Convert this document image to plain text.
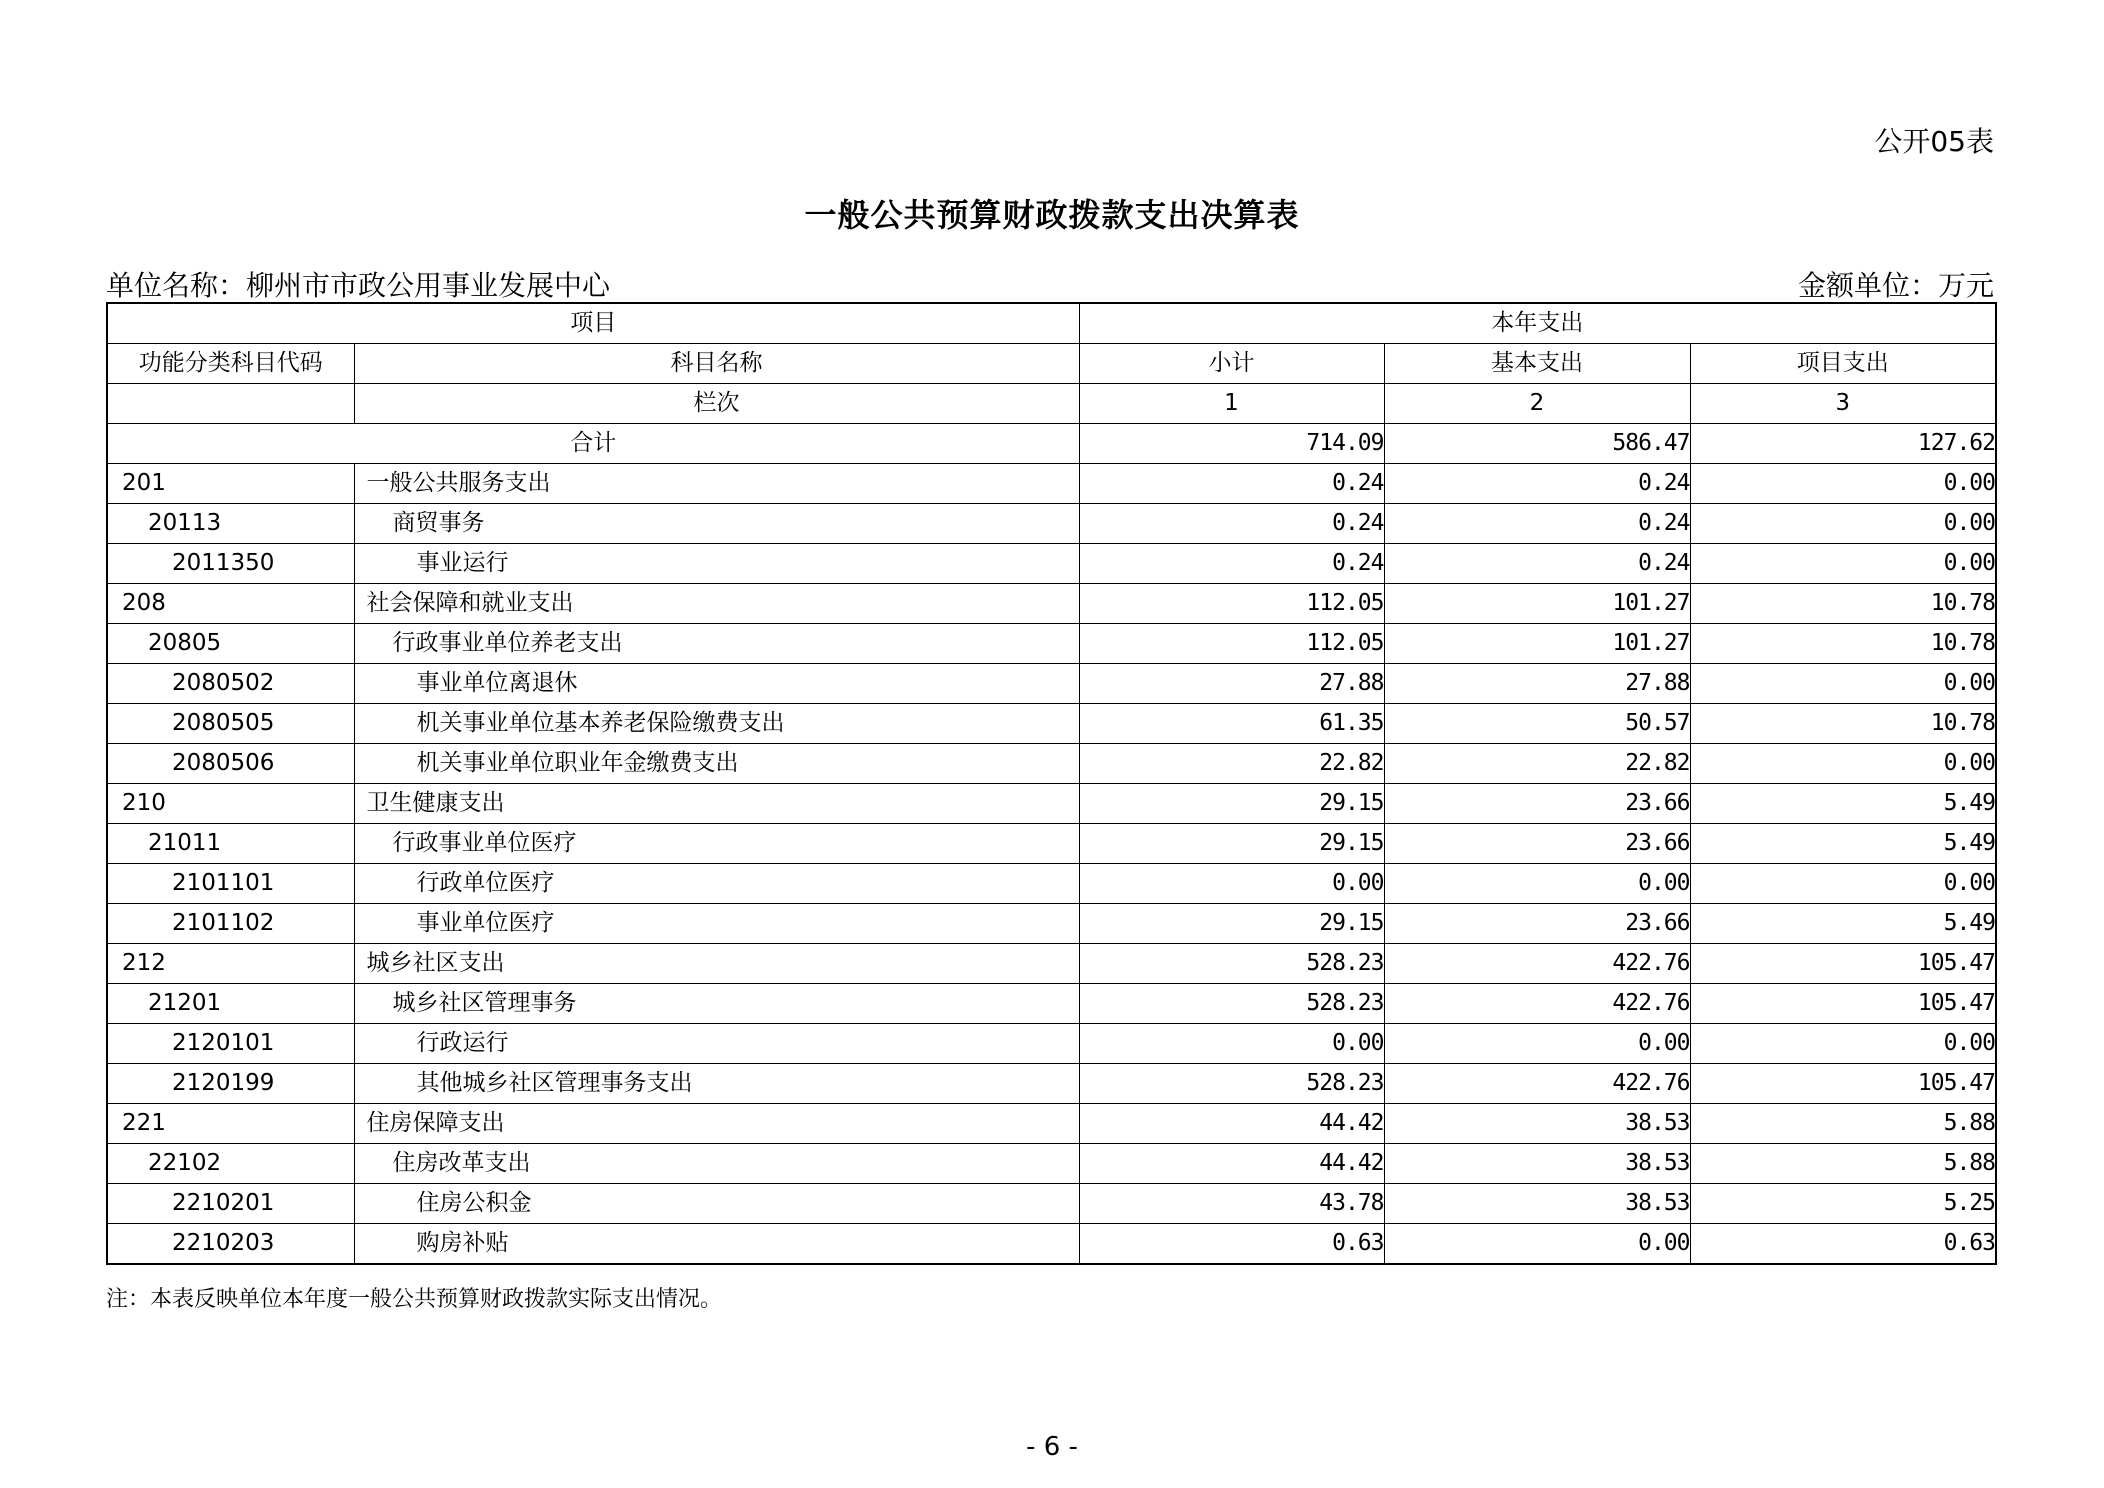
公开05表
一般公共预算财政拨款支出决算表
单位名称：柳州市市政公用事业发展中心	金额单位：万元
项目		本年支出		
功能分类科目代码	科目名称	小计	基本支出	项目支出
	栏次	1	2	3
合计		714.09	586.47	127.62
201	一般公共服务支出	0.24	0.24	0.00
20113	商贸事务	0.24	0.24	0.00
2011350	事业运行	0.24	0.24	0.00
208	社会保障和就业支出	112.05	101.27	10.78
20805	行政事业单位养老支出	112.05	101.27	10.78
2080502	事业单位离退休	27.88	27.88	0.00
2080505	机关事业单位基本养老保险缴费支出	61.35	50.57	10.78
2080506	机关事业单位职业年金缴费支出	22.82	22.82	0.00
210	卫生健康支出	29.15	23.66	5.49
21011	行政事业单位医疗	29.15	23.66	5.49
2101101	行政单位医疗	0.00	0.00	0.00
2101102	事业单位医疗	29.15	23.66	5.49
212	城乡社区支出	528.23	422.76	105.47
21201	城乡社区管理事务	528.23	422.76	105.47
2120101	行政运行	0.00	0.00	0.00
2120199	其他城乡社区管理事务支出	528.23	422.76	105.47
221	住房保障支出	44.42	38.53	5.88
22102	住房改革支出	44.42	38.53	5.88
2210201	住房公积金	43.78	38.53	5.25
2210203	购房补贴	0.63	0.00	0.63
注：本表反映单位本年度一般公共预算财政拨款实际支出情况。
- 6 -
